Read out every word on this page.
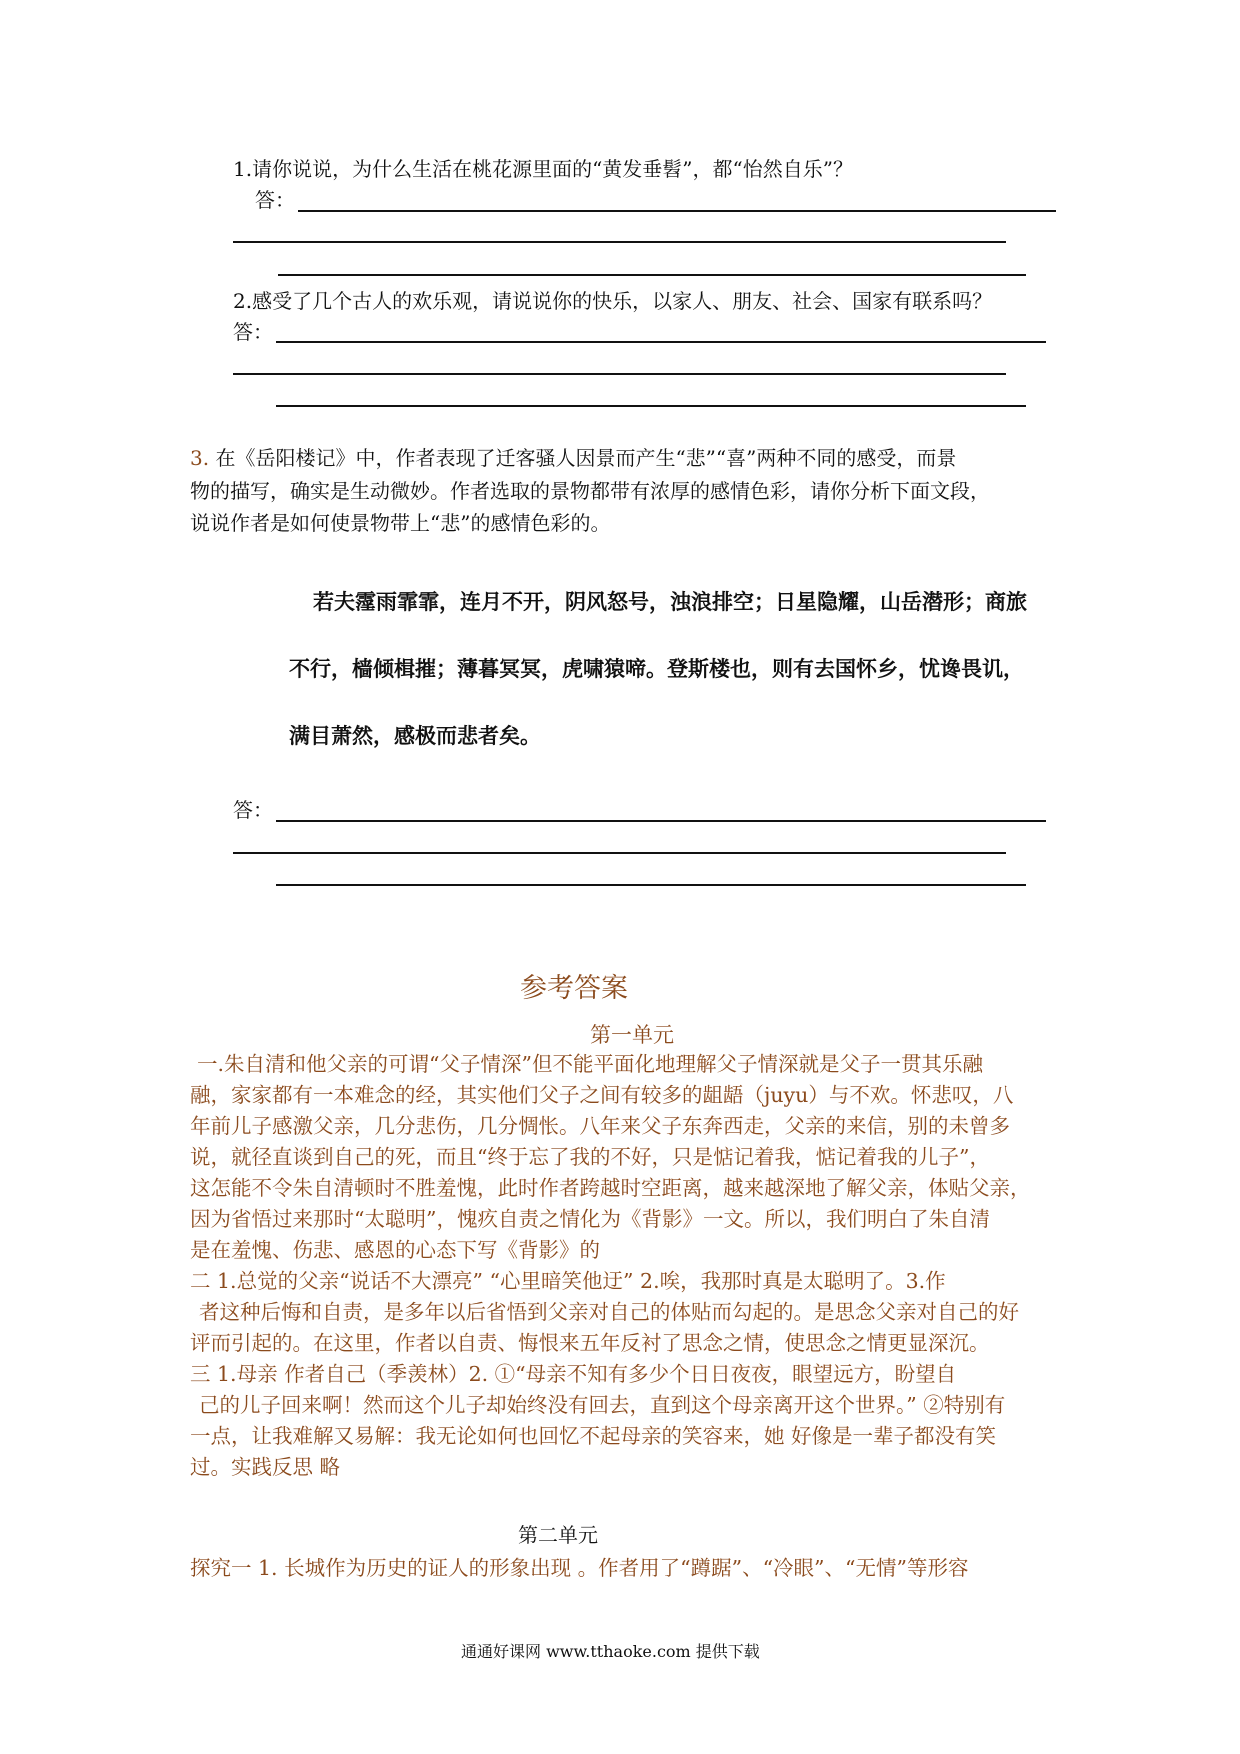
1.请你说说，为什么生活在桃花源里面的“黄发垂髫”，都“怡然自乐”？
答：
2.感受了几个古人的欢乐观，请说说你的快乐，以家人、朋友、社会、国家有联系吗？
答：
3. 在《岳阳楼记》中，作者表现了迁客骚人因景而产生“悲”“喜”两种不同的感受，而景
物的描写，确实是生动微妙。作者选取的景物都带有浓厚的感情色彩，请你分析下面文段，
说说作者是如何使景物带上“悲”的感情色彩的。
若夫霪雨霏霏，连月不开，阴风怒号，浊浪排空；日星隐耀，山岳潜形；商旅
不行，樯倾楫摧；薄暮冥冥，虎啸猿啼。登斯楼也，则有去国怀乡，忧谗畏讥，
满目萧然，感极而悲者矣。
答：
参考答案
第一单元
一.朱自清和他父亲的可谓“父子情深”但不能平面化地理解父子情深就是父子一贯其乐融
融，家家都有一本难念的经，其实他们父子之间有较多的龃龉（juyu）与不欢。怀悲叹，八
年前儿子感激父亲，几分悲伤，几分惆怅。八年来父子东奔西走，父亲的来信，别的未曾多
说，就径直谈到自己的死，而且“终于忘了我的不好，只是惦记着我，惦记着我的儿子”，
这怎能不令朱自清顿时不胜羞愧，此时作者跨越时空距离，越来越深地了解父亲，体贴父亲，
因为省悟过来那时“太聪明”，愧疚自责之情化为《背影》一文。所以，我们明白了朱自清
是在羞愧、伤悲、感恩的心态下写《背影》的
二 1.总觉的父亲“说话不大漂亮” “心里暗笑他迂” 2.唉，我那时真是太聪明了。3.作
者这种后悔和自责，是多年以后省悟到父亲对自己的体贴而勾起的。是思念父亲对自己的好
评而引起的。在这里，作者以自责、悔恨来五年反衬了思念之情，使思念之情更显深沉。
三 1.母亲 作者自己（季羡林）2. ①“母亲不知有多少个日日夜夜，眼望远方，盼望自
己的儿子回来啊！然而这个儿子却始终没有回去，直到这个母亲离开这个世界。” ②特别有
一点，让我难解又易解：我无论如何也回忆不起母亲的笑容来，她 好像是一辈子都没有笑
过。实践反思 略
第二单元
探究一 1. 长城作为历史的证人的形象出现 。作者用了“蹲踞”、“冷眼”、“无情”等形容
通通好课网 www.tthaoke.com 提供下载
